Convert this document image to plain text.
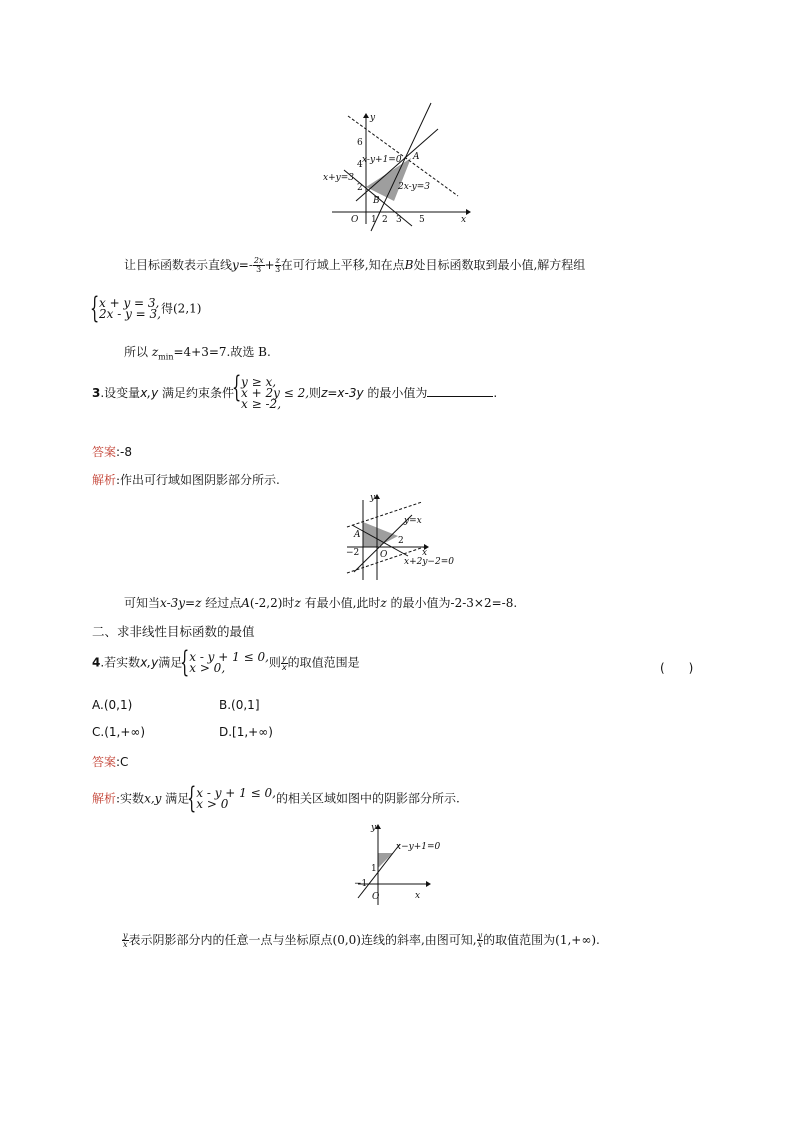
y
x
O
6
4
2
1 2 3 5
x-y+1=0 A
x+y=3
2x-y=3
B
让目标函数表示直线$y=- \frac{2x}{3} + \frac{z}{3}$ 在可行域上平移,知在点B处目标函数取到最小值,解方程组
{ x + y = 3,
2x - y = 3, 得(2,1)
所以 $z_{min}=4+3=7$.故选 B.
3.设变量x,y 满足约束条件
{ y ≥ x,
x + 2y ≤ 2,
x ≥ -2,
则z=x-3y 的最小值为	.
答案:-8
解析:作出可行域如图阴影部分所示.
y
x
O
y=x
A
2
−2
x+2y−2=0
可知当x-3y=z 经过点A(-2,2)时z 有最小值,此时z 的最小值为-2-3×2=-8.
二、求非线性目标函数的最值
4.若实数x,y满足 { x - y + 1 ≤ 0,
x > 0,	则 $\frac{y}{x}$ 的取值范围是	(　　)
A.(0,1)	B.(0,1]
C.(1,+∞)	D.[1,+∞)
答案:C
解析:实数x,y 满足 { x - y + 1 ≤ 0,
x > 0	的相关区域如图中的阴影部分所示.
y
x
O
x−y+1=0
−1
1
$\frac{y}{x}$ 表示阴影部分内的任意一点与坐标原点(0,0)连线的斜率,由图可知, $\frac{y}{x}$ 的取值范围为(1,+∞).
